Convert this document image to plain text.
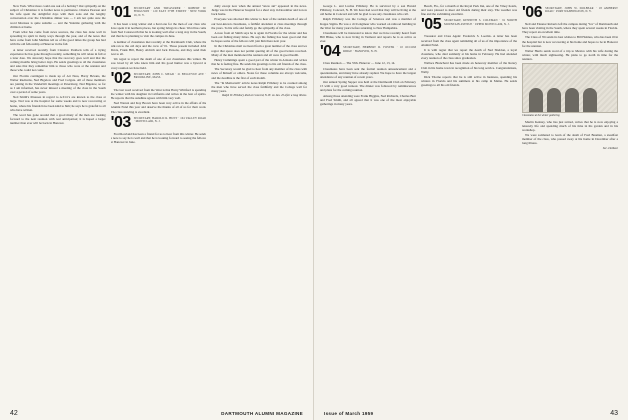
New York. What more could one ask of a holiday? Our sympathy on the subject of Christmas: it is further news is pertinence. Charles Pearson and his wife spent the delightful days with their sons and the lengthy conversation over the Christmas dinner was — I am not quite sure the word hilarious is quite suitable — and the Yuletide gathering with the children at home.

From what has come from news sources, the class has done well in spreading its spirit in many ways through the year, and of the notes that have come from John Mathias tell us of the good times the group has had with the old fellowship at Hanover in the fall.

A letter received recently from Clarence Paddock tells of a trying experience he has gone through recently, something he will relate in full at a later date. We sincerely hope that the recovery goes well and that the coming months bring better days. He sends greetings to all the classmates and asks that they remember him to those who were at the reunion and those who could not come.

Our Florida contingent is made up of Art Ness, Harry Bevans, the Walter Raeburns, Ned Bigelow and Fred Colgate. All of these members are joining in the Vanderbilt meetings at Petersburg. Ned Bigelow, so far as I am informed, has never missed a meeting of the class in the South over a period of some years.

Ned Smith's illnesses in regard to A.T.O.'s are known to the class at large. Ned was at the hospital for some weeks and is now recovering at home, where his friends have been kind to him; he says he is grateful to all who have written.

The word has gone around that a good many of the men are looking forward to the next reunion with real anticipation; it is hoped a larger number than ever will be back in Hanover.

'01 SECRETARY AND TREASURER · ROBERT W. FERGUSON · 129 EAST 37TH STREET · NEW YORK 16, N. Y.

It has been a long winter and a hard one for the men of our class who have spent it in northern places, but spring brings its cheer. Word has come from Ned Colesworth that he is looking well after a long stay in the South, and that he is planning to visit the campus in June.

A number of classmates met recently at the Dartmouth Club, where the talk ran to the old days and the crew of '01. Those present included John Davis, Frank Hill, Henry Aldrich and Jack Parsons, and they send their best to all.

We regret to report the death of one of our classmates this winter. He was loved by all who knew him and his good humor was a byword at every reunion we have held.

'02 SECRETARY, JOHN C. MEAD · 21 BELLEVUE AVE · BROOKLINE, MASS.

The last word received from the West is that Harry Whitford is spending the winter with his daughter in California and writes in the best of spirits. He reports that the sunshine agrees with him very well.

Ned Warren and Kay Brown have been very active in the affairs of the Alumni Fund this year and deserve the thanks of all of us for their work. The class standing is excellent.

'03 SECRETARY, HAROLD R. HUNT · 104 VALLEY ROAD · MONTCLAIR, N. J.

Fred Rowland has been a friend for us to hear from this winter. He sends a note to say he is well and that he is looking forward to seeing the fellows at Hanover in June.

daily except now when the annual "snow ski" appeared in the news. Judge was in the Hanover hospital for a short stay in December and is now back home.

Everyone was shocked this winter to hear of the sudden death of one of our best-known classmates, a faithful attendant at class meetings through the years. To his wife and family go the sympathy of the class.

A note from Al Smith says he is again in Florida for the winter and has been out fishing many times. He says the fishing has been good and that he hopes some of the fellows will join him there next year.

In the Christmas mail we heard from a great number of the class and we regret that space does not permit quoting all of the good letters received. Many of the men mentioned the reunion and all were in good health.

Henry Cummings spent a good part of the winter in Arizona and writes that he is feeling fine. He sends his greetings to his old friends of the class.

The Secretary would be glad to hear from any member of the class with news of himself or others. Notes for these columns are always welcome, and the deadline is the first of each month.

The "In Memoriam" article notes Ralph Pillsbury to be counted among the men who have served the class faithfully and the College well for many years.

Ralph W. Pillsbury died at Concord, N. H. on Jan. 25 after a long illness.
42	DARTMOUTH ALUMNI MAGAZINE

George L. and Lucine Pillsbury. He is survived by a son Harold Pillsbury, Concord, N. H. We have had word that they will be living at the old home in Concord and will be glad to see any classmates who call.

Ralph Pillsbury was the College of Sciences and was a member of Kappa Sigma. He was a civil engineer who worked on railroad building in the West for many years before returning to New Hampshire.

Classmates will be interested to know that we have recently heard from Bill Blake, who is now living in Vermont and reports he is as active as ever.

'04 SECRETARY, HERBERT D. FOSTER · 10 OCCOM RIDGE · HANOVER, N. H.

Class Reunion — The 55th. Hanover — June 12, 13, 14.

Classmates have been sent the formal reunion announcement and a questionnaire, and many have already replied. We hope to have the largest attendance of any reunion of recent years.

Our annual Spring Supper was held at the Dartmouth Club on February 15 with a very good turnout. The dinner was followed by reminiscences and plans for the coming reunion.

Among those attending were Frank Higgins, Ned Richards, Charles Burt and Fred Smith, and all agreed that it was one of the most enjoyable gatherings in many years.

Beach, Fla., for a month at the Royal Park Inn, one of the Vinoy hotels, and were pleased to meet old friends during their stay. The weather was fine and the swimming excellent.

'05 SECRETARY, KENNETH S. COLEMAN · 91 NORTH MOUNTAIN AVENUE · UPPER MONTCLAIR, N. J.

Treasurer and Class Agent: Frederick S. Loomis. A letter has been received from the class agent reminding all of us of the importance of the Alumni Fund.

It is with regret that we report the death of Ned Sheldon, a loyal classmate, who died suddenly at his home in February. He had attended every reunion of the class since graduation.

Wallace Blanchard has been made an honorary member of the Rotary Club in his home town in recognition of his long service. Congratulations, Wally.

Dick Thorne reports that he is still active in business, spending his winters in Florida and his summers at his camp in Maine. He sends greetings to all his old friends.

'06 SECRETARY, JOHN W. DOLBEAR · 18 AMHERST ROAD · PORT WASHINGTON, N. Y.

Neil and Eleanor Roberts left the campus during "Ice" of Dartmouth and have been visiting in the South, where they spent several weeks in Florida. They report an excellent time.

The Class of '06 sends its best wishes to Bill Holmes, who has been ill in the hospital but is now recovering at his home and hopes to be in Hanover for the reunion.

Walter Harris sends word of a trip to Mexico with his wife during the winter, with much sightseeing. He plans to go north in time for the reunion.

Classmates at the winter gathering

Martin Kenney, who has just retired, writes that he is now enjoying a leisurely life and spending much of his time in his garden and in his workshop.

We were saddened to learn of the death of Fred Beaman, a steadfast member of the class, who passed away at his home in December after a long illness.

Sec. Dolbear
Issue of March 1959	43
